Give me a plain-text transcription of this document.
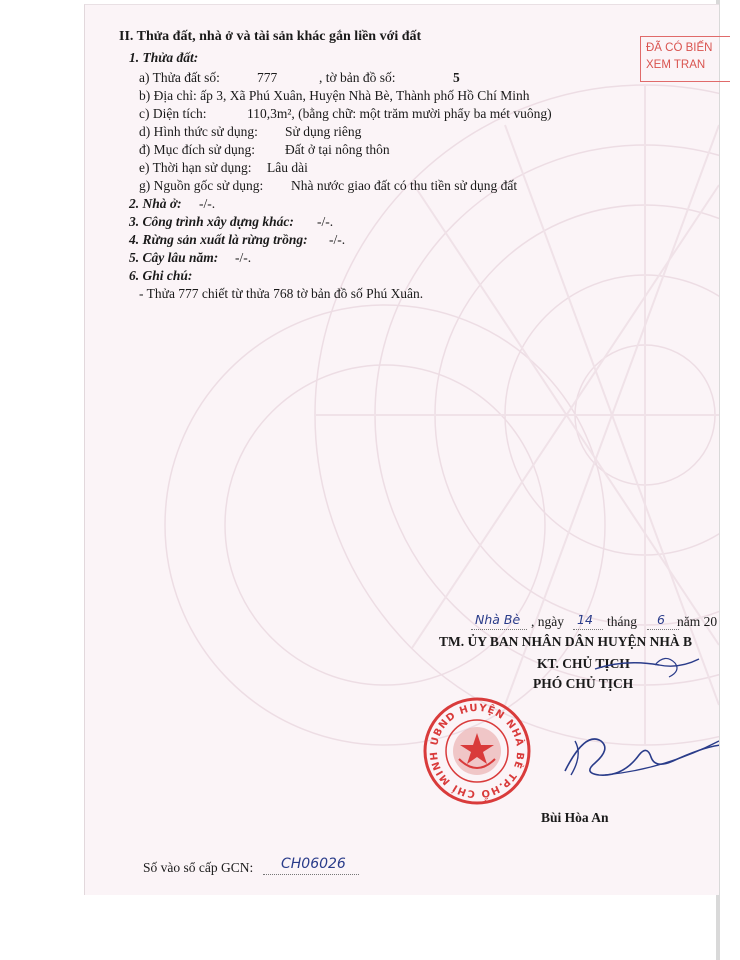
II. Thửa đất, nhà ở và tài sản khác gắn liền với đất
1. Thửa đất:
a) Thửa đất số:	777	, tờ bản đồ số:	5
b) Địa chỉ: ấp 3, Xã Phú Xuân, Huyện Nhà Bè, Thành phố Hồ Chí Minh
c) Diện tích:	110,3m², (bằng chữ: một trăm mười phẩy ba mét vuông)
d) Hình thức sử dụng: Sử dụng riêng
đ) Mục đích sử dụng: Đất ở tại nông thôn
e) Thời hạn sử dụng: Lâu dài
g) Nguồn gốc sử dụng: Nhà nước giao đất có thu tiền sử dụng đất
2. Nhà ở: -/-.
3. Công trình xây dựng khác: -/-.
4. Rừng sản xuất là rừng trồng: -/-.
5. Cây lâu năm: -/-.
6. Ghi chú:
- Thửa 777 chiết từ thửa 768 tờ bản đồ số Phú Xuân.
Nhà Bè , ngày 14 tháng 6 năm 20
TM. ỦY BAN NHÂN DÂN HUYỆN NHÀ B
KT. CHỦ TỊCH
PHÓ CHỦ TỊCH
UBND HUYỆN NHÀ BÈ TP.HỒ CHÍ MINH
Bùi Hòa An
Số vào sổ cấp GCN: CH06026
ĐÃ CÓ BIẾN
XEM TRAN
